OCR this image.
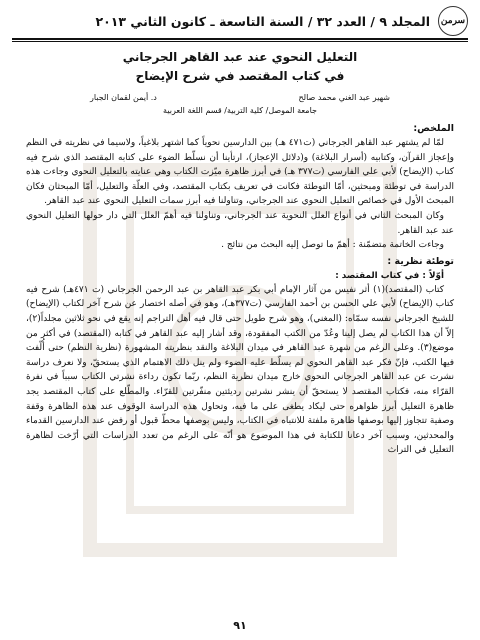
سرمن
المجلد ٩ / العدد ٣٢ / السنة التاسعة ـ كانون الثاني ٢٠١٣
التعليل النحوي عند عبد القاهر الجرجاني
في كتاب المقتصد في شرح الإيضاح
شهير عبد الغني محمد صالح
د. أيمن لقمان الجبار
جامعة الموصل/ كلية التربية/ قسم اللغة العربية
الملخص:

لمّا لم يشتهر عبد القاهر الجرجاني (ت٤٧١ هـ) بين الدارسين نحوياً كما اشتهر بلاغياً، ولاسيما في نظريته في النظم وإعجاز القرآن، وكتابيه (أسرار البلاغة) و(دلائل الإعجاز)، ارتأينا أن نسلّط الضوء على كتابه المقتصد الذي شرح فيه كتاب (الإيضاح) لأبي علي الفارسي (ت٣٧٧ هـ) في أبرز ظاهرة ميّزت الكتاب وهي عنايته بالتعليل النحوي وجاءت هذه الدراسة في توطئة ومبحثين، أمّا التوطئة فكانت في تعريف بكتاب المقتصد، وفي العلّة والتعليل، أمّا المبحثان فكان المبحث الأول في خصائص التعليل النحوي عند الجرجاني، وتناولنا فيه أبرز سمات التعليل النحوي عند عبد القاهر.

وكان المبحث الثاني في أنواع العلل النحوية عند الجرجاني، وتناولنا فيه أهمّ العلل التي دار حولها التعليل النحوي عند عبد القاهر.

وجاءت الخاتمة متضمّنة : أهمّ ما توصل إليه البحث من نتائج .

توطئة نظرية :
أوّلاً : في كتاب المقتصد :

كتاب (المقتصد)(١) أثر نفيس من آثار الإمام أبي بكر عبد القاهر بن عبد الرحمن الجرجاني (ت ٤٧١هـ) شرح فيه كتاب (الإيضاح) لأبي علي الحسن بن أحمد الفارسي (ت٣٧٧هـ)، وهو في أصله اختصار عن شرح آخر لكتاب (الإيضاح) للشيخ الجرجاني نفسه سمّاه: (المغني)، وهو شرح طويل حتى قال فيه أهل التراجم إنه يقع في نحو ثلاثين مجلداً(٢)، إلاّ أن هذا الكتاب لم يصل إلينا وعُدّ من الكتب المفقودة، وقد أشار إليه عبد القاهر في كتابه (المقتصد) في أكثر من موضع(٣). وعلى الرغم من شهرة عبد القاهر في ميدان البلاغة والنقد بنظريته المشهورة (نظرية النظم) حتى أُلّفت فيها الكتب، فإنّ فكر عبد القاهر النحوي لم يسلّط عليه الضوء ولم ينل ذلك الاهتمام الذي يستحقّ، ولا نعرف دراسة نشرت عن عبد القاهر الجرجاني النحوي خارج ميدان نظرية النظم، ربّما تكون رداءة نشرتي الكتاب سبباً في نفرة القرّاء منه، فكتاب المقتصد لا يستحقّ أن ينشر نشرتين رديئتين منفّرتين للقرّاء. والمطّلع على كتاب المقتصد يجد ظاهرة التعليل أبرز ظواهره حتى ليكاد يطغى على ما فيه، وتحاول هذه الدراسة الوقوف عند هذه الظاهرة وقفة وصفية تتجاوز إليها بوصفها ظاهرة ملفتة للانتباه في الكتاب، وليس بوصفها محطّ قبول أو رفض عند الدارسين القدماء والمحدثين، وسبب آخر دعانا للكتابة في هذا الموضوع هو أنّه على الرغم من تعدد الدراسات التي أرّخت لظاهرة التعليل في التراث

٩١
